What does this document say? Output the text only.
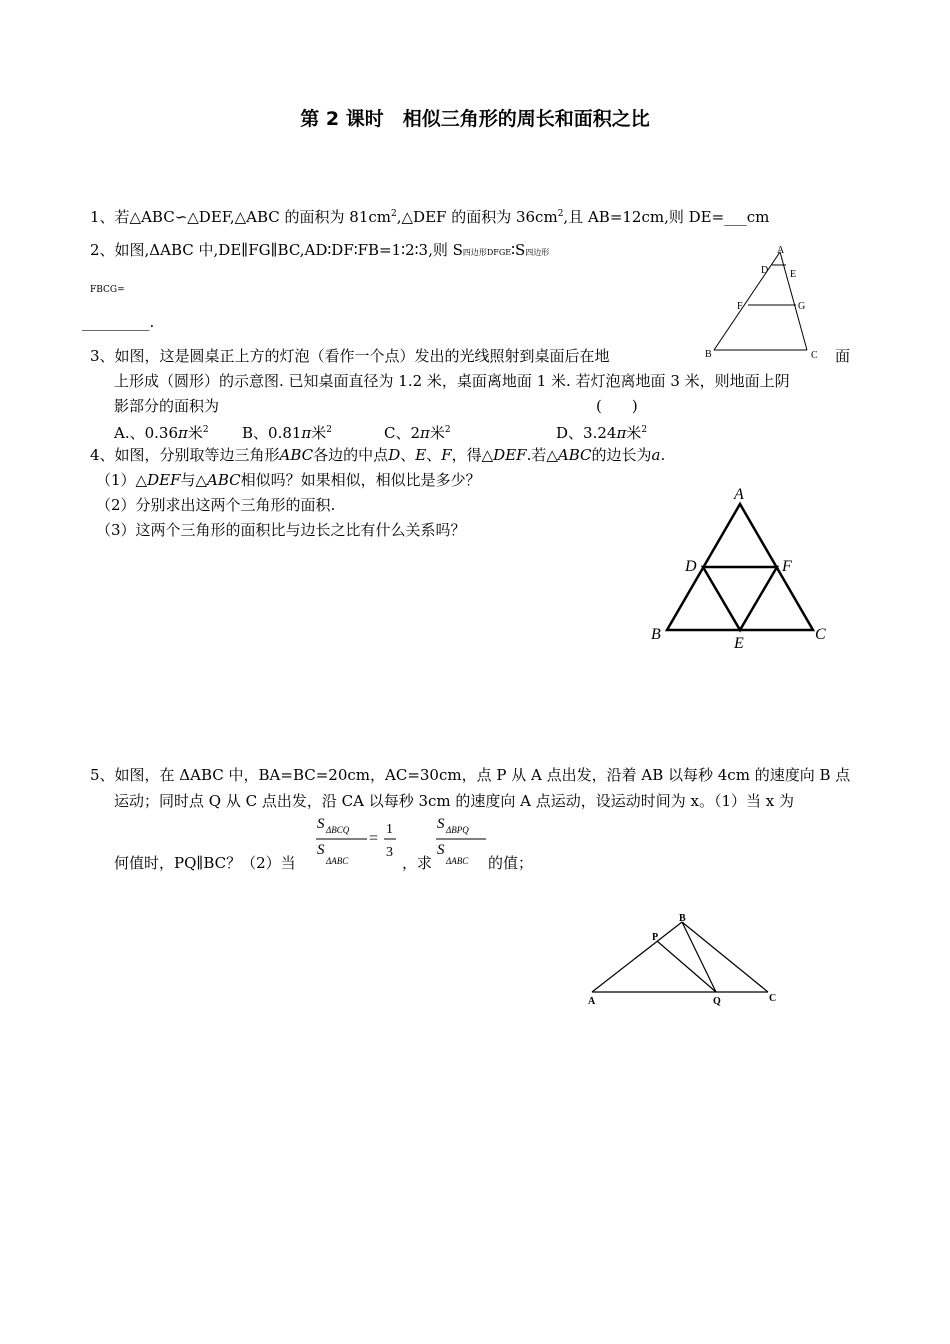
第 2 课时　相似三角形的周长和面积之比
1、若△ABC∽△DEF,△ABC 的面积为 $81cm^2,\triangle DEF$ 的面积为 $36cm^2$,且 AB=12cm,则 DE=___cm
2、如图,ΔABC 中,DE∥FG∥BC,AD∶DF∶FB=1∶2∶3,则 S四边形DFGE∶S四边形
FBCG=
_________.
A
D E
F	G
B	C
3、如图，这是圆桌正上方的灯泡（看作一个点）发出的光线照射到桌面后在地	面
上形成（圆形）的示意图. 已知桌面直径为 1.2 米，桌面离地面 1 米. 若灯泡离地面 3 米，则地面上阴
影部分的面积为	(　　)
A.、0.36π米$^2$ B、0.81π米$^2$	C、2π米$^2$	D、3.24π米$^2$
4、如图，分别取等边三角形ABC各边的中点D、E、F，得△DEF.若△ABC的边长为a.
（1）△DEF与△ABC相似吗？如果相似，相似比是多少？
（2）分别求出这两个三角形的面积.
（3）这两个三角形的面积比与边长之比有什么关系吗？
A
D	F
B
E
C
5、如图，在 ΔABC 中，BA=BC=20cm，AC=30cm，点 P 从 A 点出发，沿着 AB 以每秒 4cm 的速度向 B 点
运动；同时点 Q 从 C 点出发，沿 CA 以每秒 3cm 的速度向 A 点运动，设运动时间为 x。（1）当 x 为
何值时，PQ∥BC？（2）当
S
S
ΔBCQ
ΔABC
=
1
3
，求
S
S
ΔBPQ
ΔABC 的值；
B
P
A	Q	C
